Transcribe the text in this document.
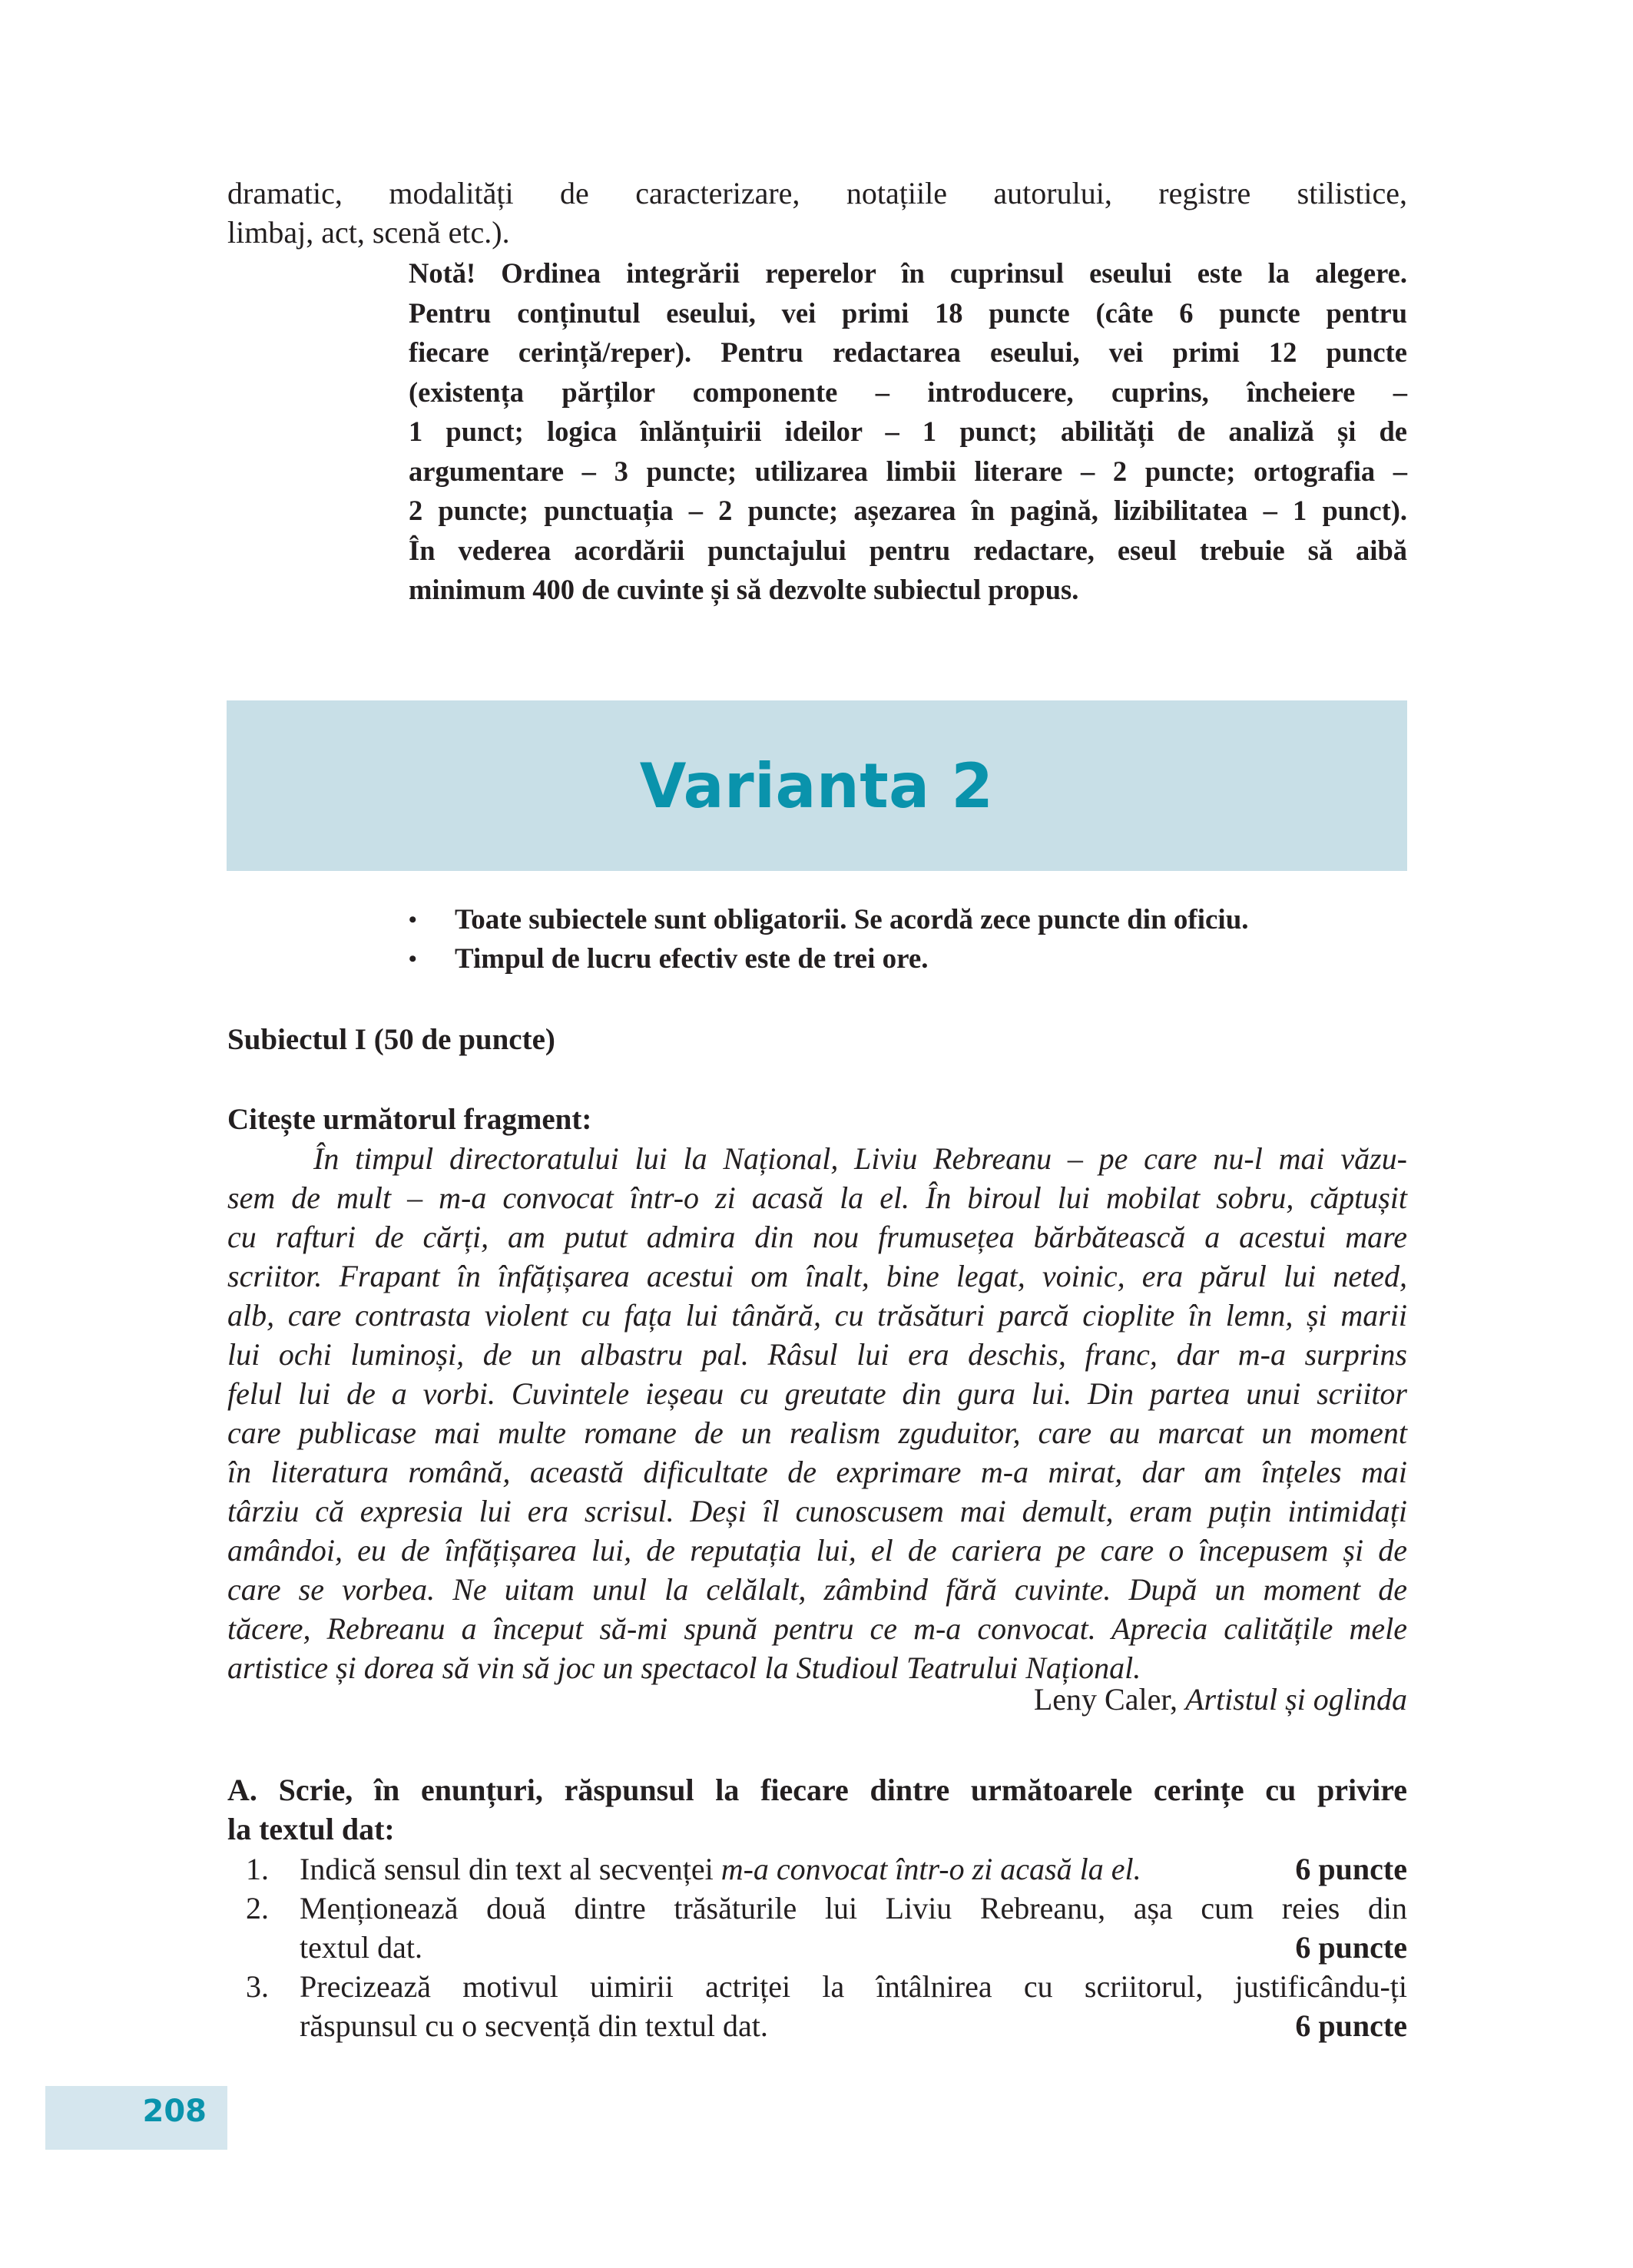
dramatic, modalități de caracterizare, notațiile autorului, registre stilistice,

limbaj, act, scenă etc.).

Notă! Ordinea integrării reperelor în cuprinsul eseului este la alegere.
Pentru conținutul eseului, vei primi 18 puncte (câte 6 puncte pentru
fiecare cerință/reper). Pentru redactarea eseului, vei primi 12 puncte
(existența părților componente – introducere, cuprins, încheiere –
1 punct; logica înlănțuirii ideilor – 1 punct; abilități de analiză și de
argumentare – 3 puncte; utilizarea limbii literare – 2 puncte; ortografia –
2 puncte; punctuația – 2 puncte; așezarea în pagină, lizibilitatea – 1 punct).
În vederea acordării punctajului pentru redactare, eseul trebuie să aibă
minimum 400 de cuvinte și să dezvolte subiectul propus.
Varianta 2
• Toate subiectele sunt obligatorii. Se acordă zece puncte din oficiu.
• Timpul de lucru efectiv este de trei ore.
Subiectul I (50 de puncte)
Citește următorul fragment:
În timpul directoratului lui la Național, Liviu Rebreanu – pe care nu-l mai văzu-
sem de mult – m-a convocat într-o zi acasă la el. În biroul lui mobilat sobru, căptușit
cu rafturi de cărți, am putut admira din nou frumusețea bărbătească a acestui mare
scriitor. Frapant în înfățișarea acestui om înalt, bine legat, voinic, era părul lui neted,
alb, care contrasta violent cu fața lui tânără, cu trăsături parcă cioplite în lemn, și marii
lui ochi luminoși, de un albastru pal. Râsul lui era deschis, franc, dar m-a surprins
felul lui de a vorbi. Cuvintele ieșeau cu greutate din gura lui. Din partea unui scriitor
care publicase mai multe romane de un realism zguduitor, care au marcat un moment
în literatura română, această dificultate de exprimare m-a mirat, dar am înțeles mai
târziu că expresia lui era scrisul. Deși îl cunoscusem mai demult, eram puțin intimidați
amândoi, eu de înfățișarea lui, de reputația lui, el de cariera pe care o începusem și de
care se vorbea. Ne uitam unul la celălalt, zâmbind fără cuvinte. După un moment de
tăcere, Rebreanu a început să-mi spună pentru ce m-a convocat. Aprecia calitățile mele
artistice și dorea să vin să joc un spectacol la Studioul Teatrului Național.
Leny Caler, Artistul și oglinda
A. Scrie, în enunțuri, răspunsul la fiecare dintre următoarele cerințe cu privire
la textul dat:
1. Indică sensul din text al secvenței m-a convocat într-o zi acasă la el.	6 puncte
2. Menționează două dintre trăsăturile lui Liviu Rebreanu, așa cum reies din
textul dat.	6 puncte
3. Precizează motivul uimirii actriței la întâlnirea cu scriitorul, justificându-ți
răspunsul cu o secvență din textul dat.	6 puncte
208
